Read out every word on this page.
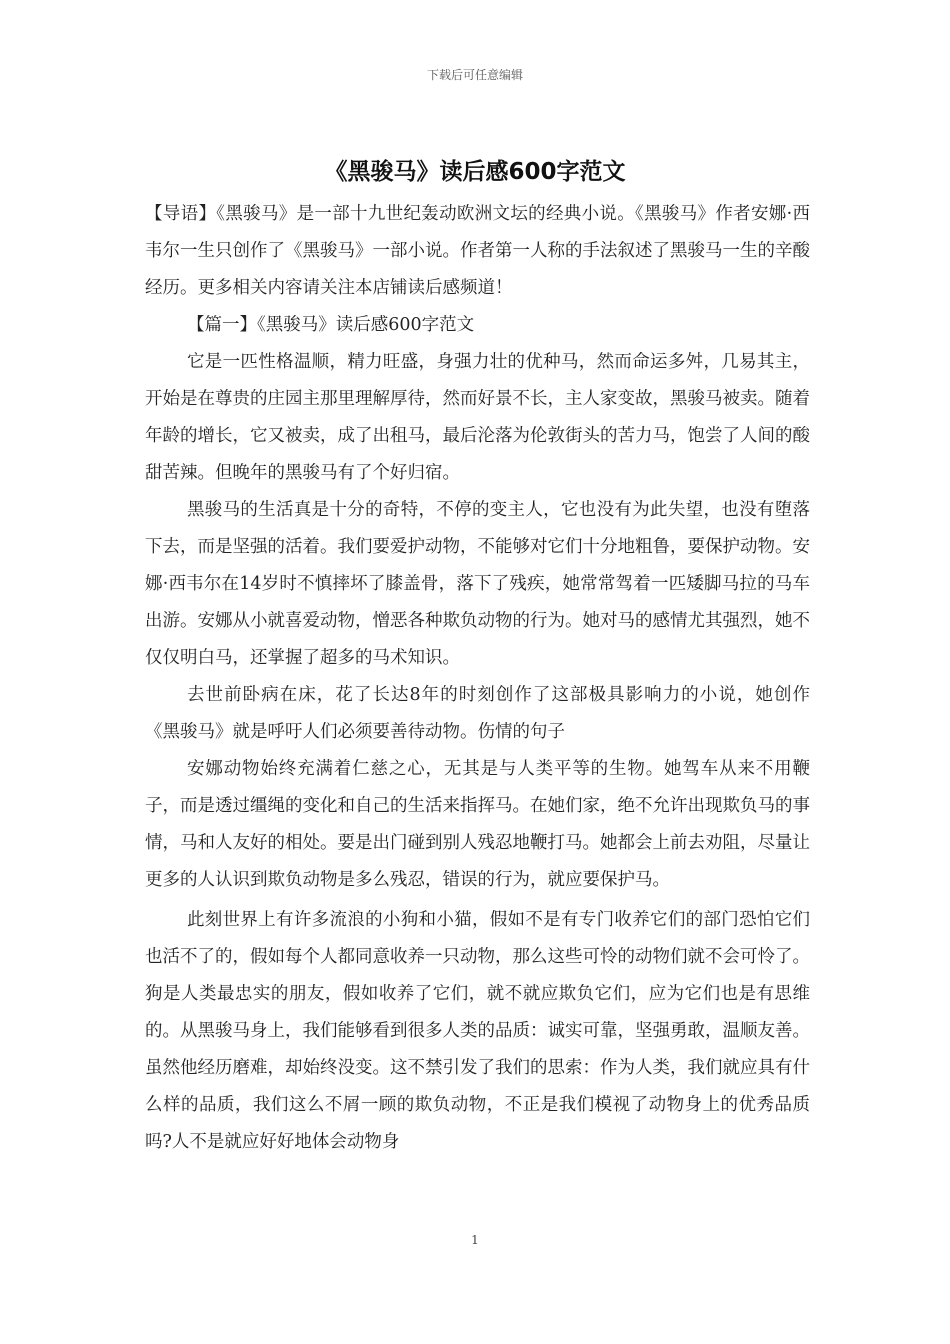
下载后可任意编辑
《黑骏马》读后感600字范文

【导语】《黑骏马》是一部十九世纪轰动欧洲文坛的经典小说。《黑骏马》作者安娜·西韦尔一生只创作了《黑骏马》一部小说。作者第一人称的手法叙述了黑骏马一生的辛酸经历。更多相关内容请关注本店铺读后感频道！

【篇一】《黑骏马》读后感600字范文

它是一匹性格温顺，精力旺盛，身强力壮的优种马，然而命运多舛，几易其主，开始是在尊贵的庄园主那里理解厚待，然而好景不长，主人家变故，黑骏马被卖。随着年龄的增长，它又被卖，成了出租马，最后沦落为伦敦街头的苦力马，饱尝了人间的酸甜苦辣。但晚年的黑骏马有了个好归宿。

黑骏马的生活真是十分的奇特，不停的变主人，它也没有为此失望，也没有堕落下去，而是坚强的活着。我们要爱护动物，不能够对它们十分地粗鲁，要保护动物。安娜·西韦尔在14岁时不慎摔坏了膝盖骨，落下了残疾，她常常驾着一匹矮脚马拉的马车出游。安娜从小就喜爱动物，憎恶各种欺负动物的行为。她对马的感情尤其强烈，她不仅仅明白马，还掌握了超多的马术知识。

去世前卧病在床，花了长达8年的时刻创作了这部极具影响力的小说，她创作《黑骏马》就是呼吁人们必须要善待动物。伤情的句子

安娜动物始终充满着仁慈之心，无其是与人类平等的生物。她驾车从来不用鞭子，而是透过缰绳的变化和自己的生活来指挥马。在她们家，绝不允许出现欺负马的事情，马和人友好的相处。要是出门碰到别人残忍地鞭打马。她都会上前去劝阻，尽量让更多的人认识到欺负动物是多么残忍，错误的行为，就应要保护马。

此刻世界上有许多流浪的小狗和小猫，假如不是有专门收养它们的部门恐怕它们也活不了的，假如每个人都同意收养一只动物，那么这些可怜的动物们就不会可怜了。狗是人类最忠实的朋友，假如收养了它们，就不就应欺负它们，应为它们也是有思维的。从黑骏马身上，我们能够看到很多人类的品质：诚实可靠，坚强勇敢，温顺友善。虽然他经历磨难，却始终没变。这不禁引发了我们的思索：作为人类，我们就应具有什么样的品质，我们这么不屑一顾的欺负动物，不正是我们模视了动物身上的优秀品质吗?人不是就应好好地体会动物身

1
